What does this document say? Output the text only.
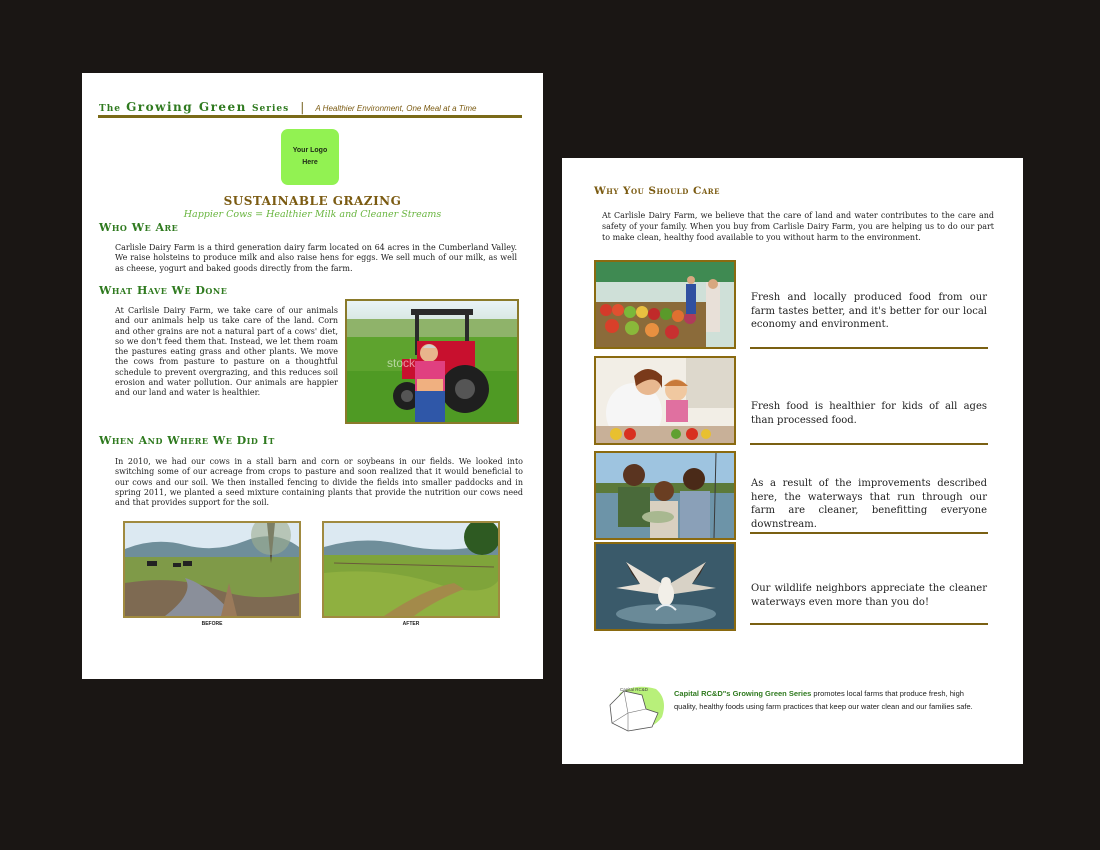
The Growing Green Series | A Healthier Environment, One Meal at a Time
Your Logo
Here
SUSTAINABLE GRAZING
Happier Cows = Healthier Milk and Cleaner Streams
Who We Are
Carlisle Dairy Farm is a third generation dairy farm located on 64 acres in the Cumberland Valley. We raise holsteins to produce milk and also raise hens for eggs. We sell much of our milk, as well as cheese, yogurt and baked goods directly from the farm.
What Have We Done
At Carlisle Dairy Farm, we take care of our animals and our animals help us take care of the land. Corn and other grains are not a natural part of a cows' diet, so we don't feed them that. Instead, we let them roam the pastures eating grass and other plants. We move the cows from pasture to pasture on a thoughtful schedule to prevent overgrazing, and this reduces soil erosion and water pollution. Our animals are happier and our land and water is healthier.
stock
When And Where We Did It
In 2010, we had our cows in a stall barn and corn or soybeans in our fields. We looked into switching some of our acreage from crops to pasture and soon realized that it would beneficial to our cows and our soil. We then installed fencing to divide the fields into smaller paddocks and in spring 2011, we planted a seed mixture containing plants that provide the nutrition our cows need and that provides support for the soil.
BEFORE	AFTER
Why You Should Care
At Carlisle Dairy Farm, we believe that the care of land and water contributes to the care and safety of your family. When you buy from Carlisle Dairy Farm, you are helping us to do our part to make clean, healthy food available to you without harm to the environment.
Fresh and locally produced food from our farm tastes better, and it's better for our local economy and environment.
Fresh food is healthier for kids of all ages than processed food.
As a result of the improvements described here, the waterways that run through our farm are cleaner, benefitting everyone downstream.
Our wildlife neighbors appreciate the cleaner waterways even more than you do!
Capital RC&D	Capital RC&D"s Growing Green Series promotes local farms that produce fresh, high quality, healthy foods using farm practices that keep our water clean and our families safe.
